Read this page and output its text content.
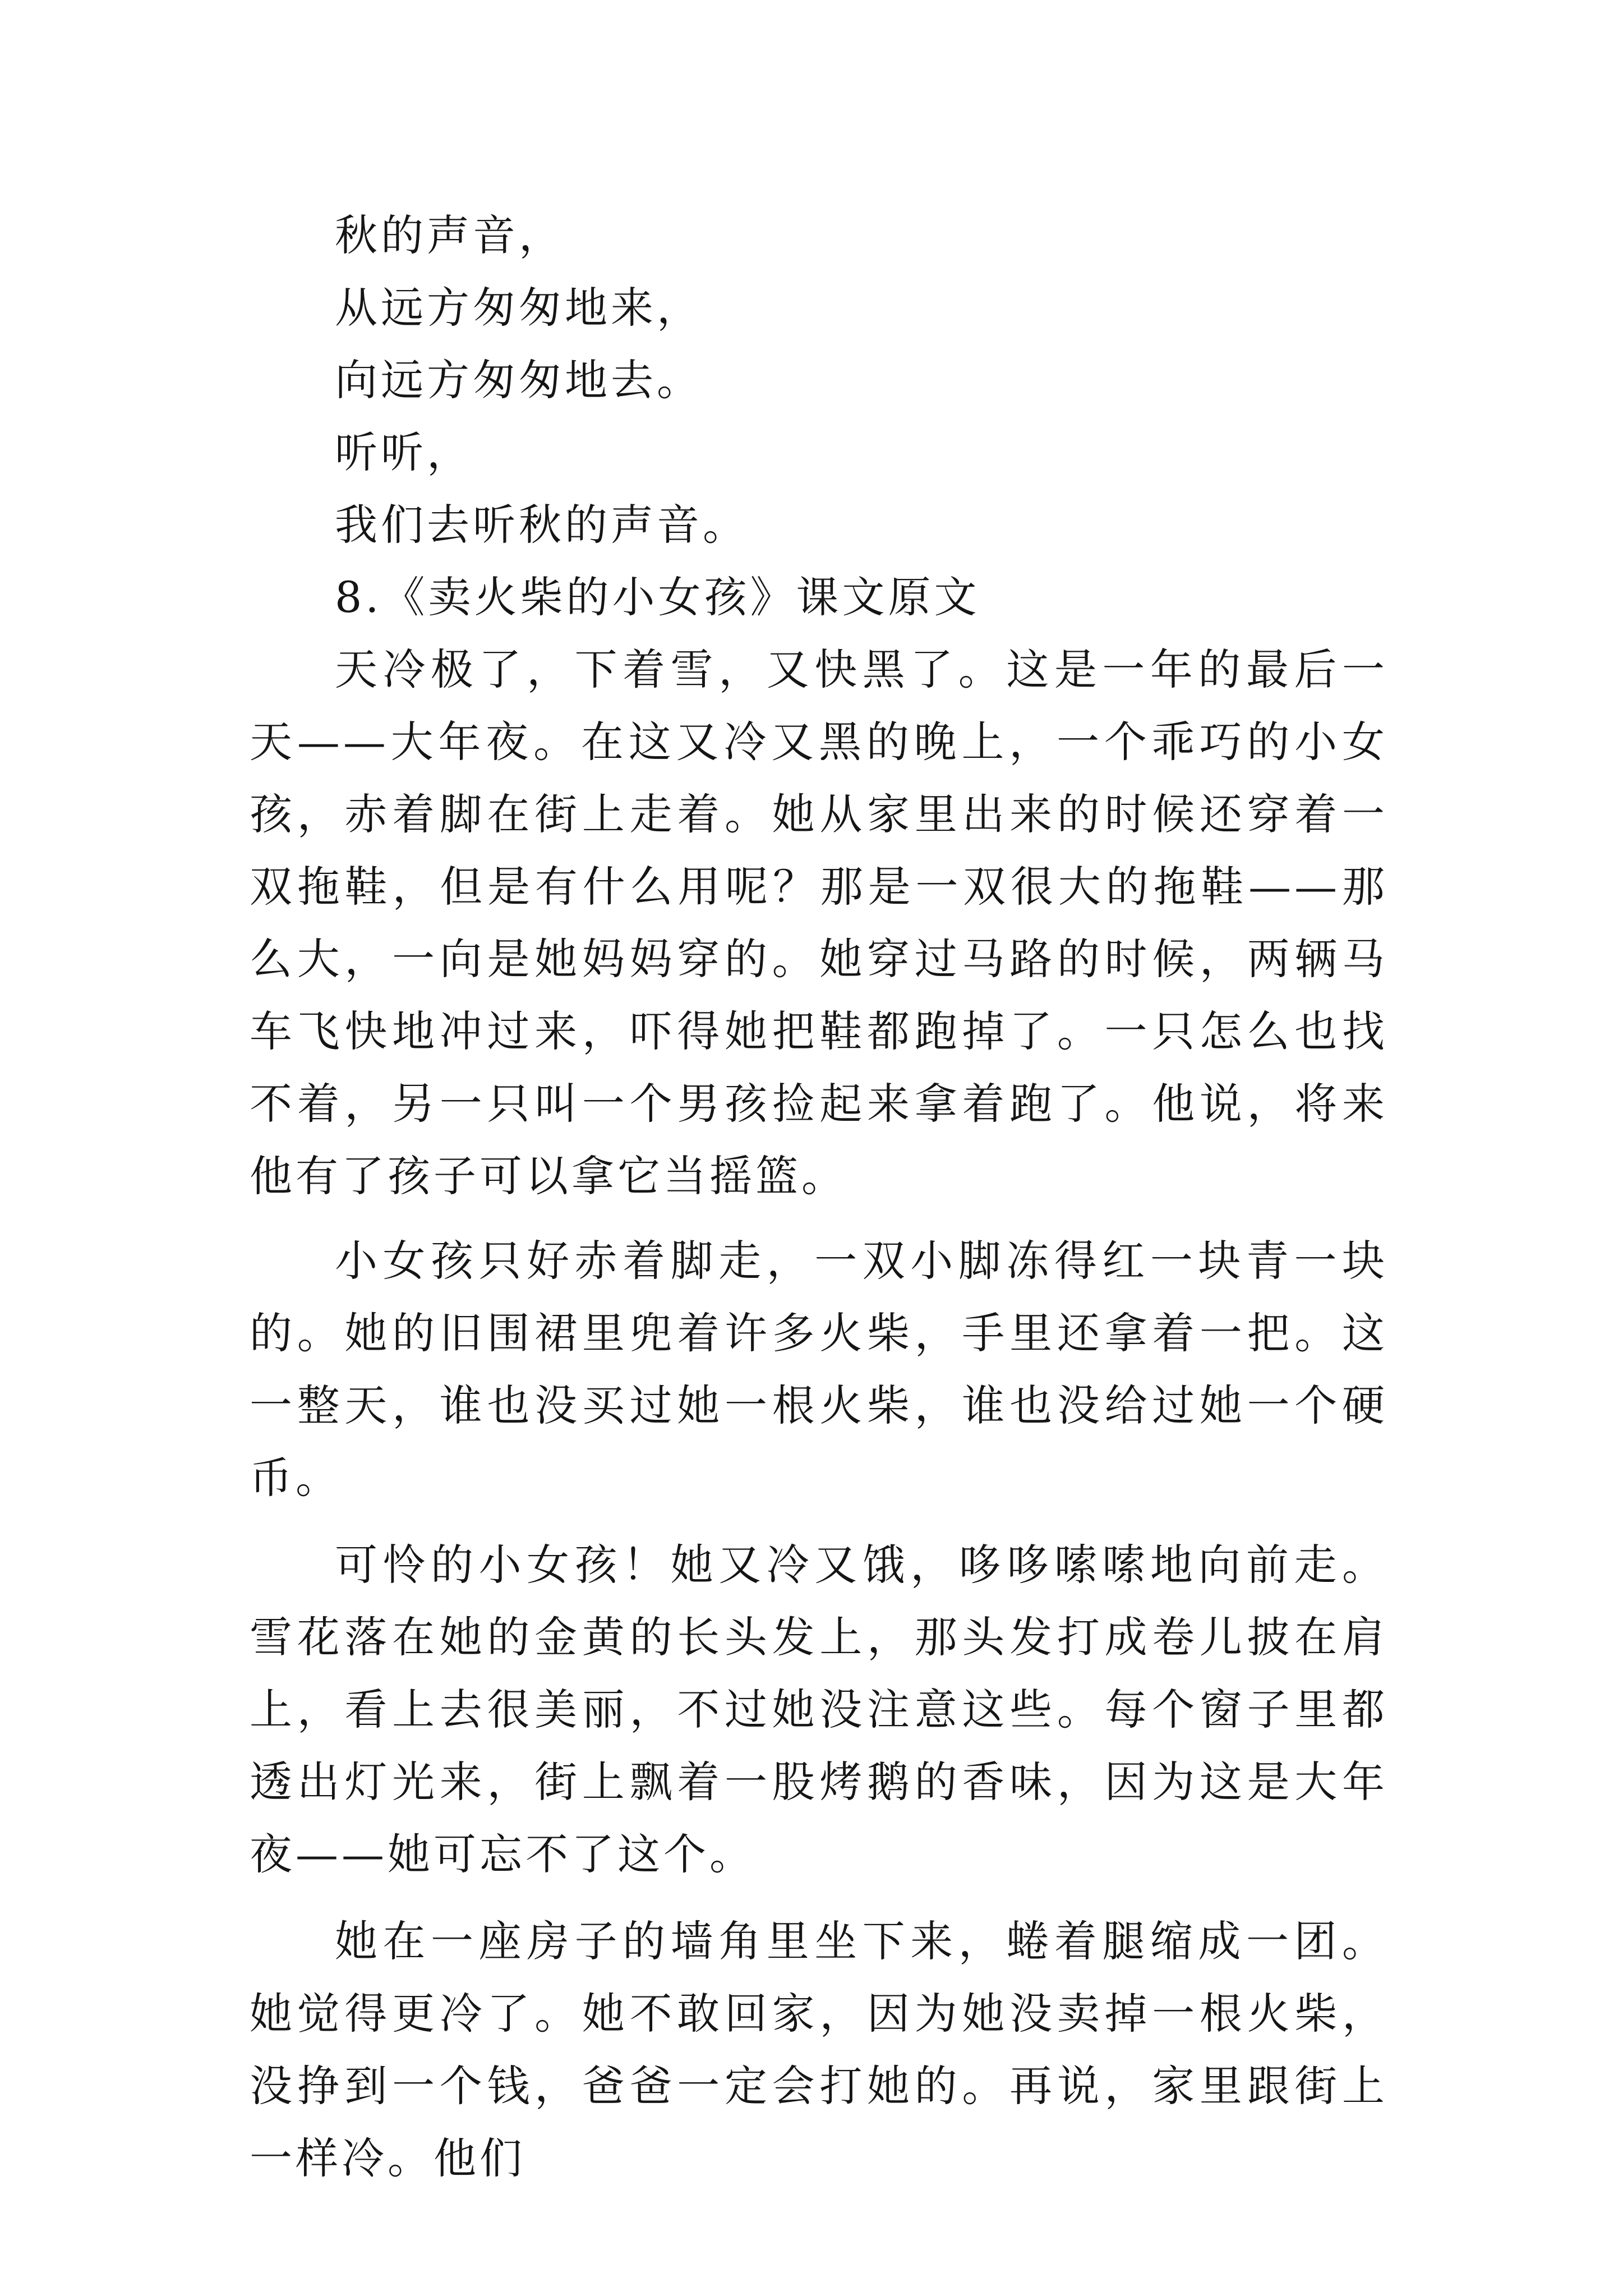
秋的声音，
从远方匆匆地来，
向远方匆匆地去。
听听，
我们去听秋的声音。
8.《卖火柴的小女孩》课文原文

天冷极了，下着雪，又快黑了。这是一年的最后一天——大年夜。在这又冷又黑的晚上，一个乖巧的小女孩，赤着脚在街上走着。她从家里出来的时候还穿着一双拖鞋，但是有什么用呢？那是一双很大的拖鞋——那么大，一向是她妈妈穿的。她穿过马路的时候，两辆马车飞快地冲过来，吓得她把鞋都跑掉了。一只怎么也找不着，另一只叫一个男孩捡起来拿着跑了。他说，将来他有了孩子可以拿它当摇篮。

小女孩只好赤着脚走，一双小脚冻得红一块青一块的。她的旧围裙里兜着许多火柴，手里还拿着一把。这一整天，谁也没买过她一根火柴，谁也没给过她一个硬币。

可怜的小女孩！她又冷又饿，哆哆嗦嗦地向前走。雪花落在她的金黄的长头发上，那头发打成卷儿披在肩上，看上去很美丽，不过她没注意这些。每个窗子里都透出灯光来，街上飘着一股烤鹅的香味，因为这是大年夜——她可忘不了这个。

她在一座房子的墙角里坐下来，蜷着腿缩成一团。她觉得更冷了。她不敢回家，因为她没卖掉一根火柴，没挣到一个钱，爸爸一定会打她的。再说，家里跟街上一样冷。他们
